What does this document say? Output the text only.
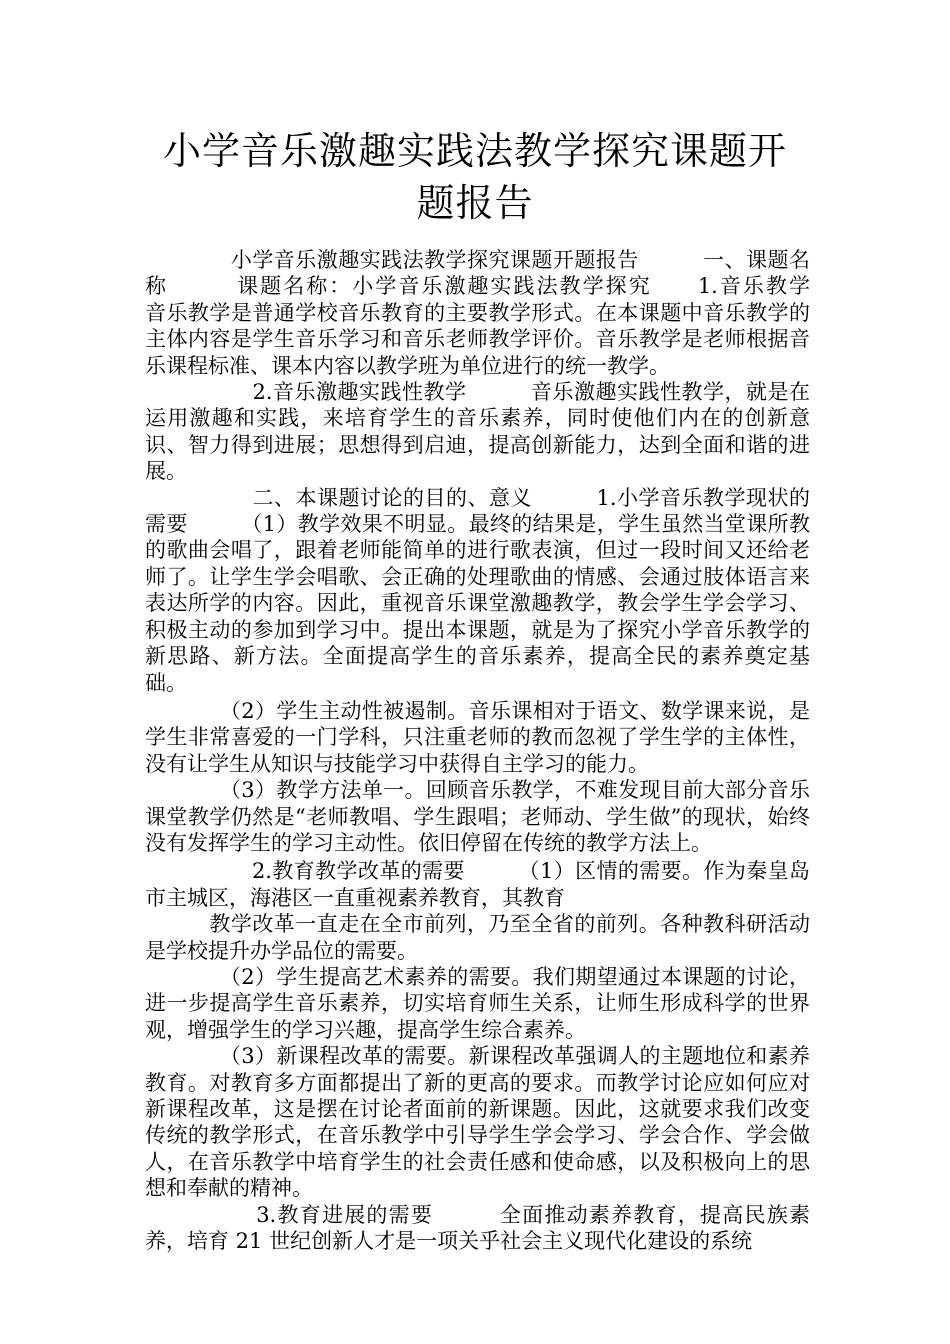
小学音乐激趣实践法教学探究课题开题报告

　　　　小学音乐激趣实践法教学探究课题开题报告　　　一、课题名称　　　课题名称：小学音乐激趣实践法教学探究　　1.音乐教学　　音乐教学是普通学校音乐教育的主要教学形式。在本课题中音乐教学的主体内容是学生音乐学习和音乐老师教学评价。音乐教学是老师根据音乐课程标准、课本内容以教学班为单位进行的统一教学。

　　　　　2.音乐激趣实践性教学　　　音乐激趣实践性教学，就是在运用激趣和实践，来培育学生的音乐素养，同时使他们内在的创新意识、智力得到进展；思想得到启迪，提高创新能力，达到全面和谐的进展。

　　　　　二、本课题讨论的目的、意义　　　1.小学音乐教学现状的需要　　　（1）教学效果不明显。最终的结果是，学生虽然当堂课所教的歌曲会唱了，跟着老师能简单的进行歌表演，但过一段时间又还给老师了。让学生学会唱歌、会正确的处理歌曲的情感、会通过肢体语言来表达所学的内容。因此，重视音乐课堂激趣教学，教会学生学会学习、积极主动的参加到学习中。提出本课题，就是为了探究小学音乐教学的新思路、新方法。全面提高学生的音乐素养，提高全民的素养奠定基础。

　　　　（2）学生主动性被遏制。音乐课相对于语文、数学课来说，是学生非常喜爱的一门学科，只注重老师的教而忽视了学生学的主体性，没有让学生从知识与技能学习中获得自主学习的能力。

　　　　（3）教学方法单一。回顾音乐教学，不难发现目前大部分音乐课堂教学仍然是“老师教唱、学生跟唱；老师动、学生做”的现状，始终没有发挥学生的学习主动性。依旧停留在传统的教学方法上。

　　　　　2.教育教学改革的需要　　　（1）区情的需要。作为秦皇岛市主城区，海港区一直重视素养教育，其教育

　　　教学改革一直走在全市前列，乃至全省的前列。各种教科研活动是学校提升办学品位的需要。

　　　　（2）学生提高艺术素养的需要。我们期望通过本课题的讨论，进一步提高学生音乐素养，切实培育师生关系，让师生形成科学的世界观，增强学生的学习兴趣，提高学生综合素养。

　　　　（3）新课程改革的需要。新课程改革强调人的主题地位和素养教育。对教育多方面都提出了新的更高的要求。而教学讨论应如何应对新课程改革，这是摆在讨论者面前的新课题。因此，这就要求我们改变传统的教学形式，在音乐教学中引导学生学会学习、学会合作、学会做人，在音乐教学中培育学生的社会责任感和使命感，以及积极向上的思想和奉献的精神。

　　　　　3.教育进展的需要　　　全面推动素养教育，提高民族素养，培育 21 世纪创新人才是一项关乎社会主义现代化建设的系统
